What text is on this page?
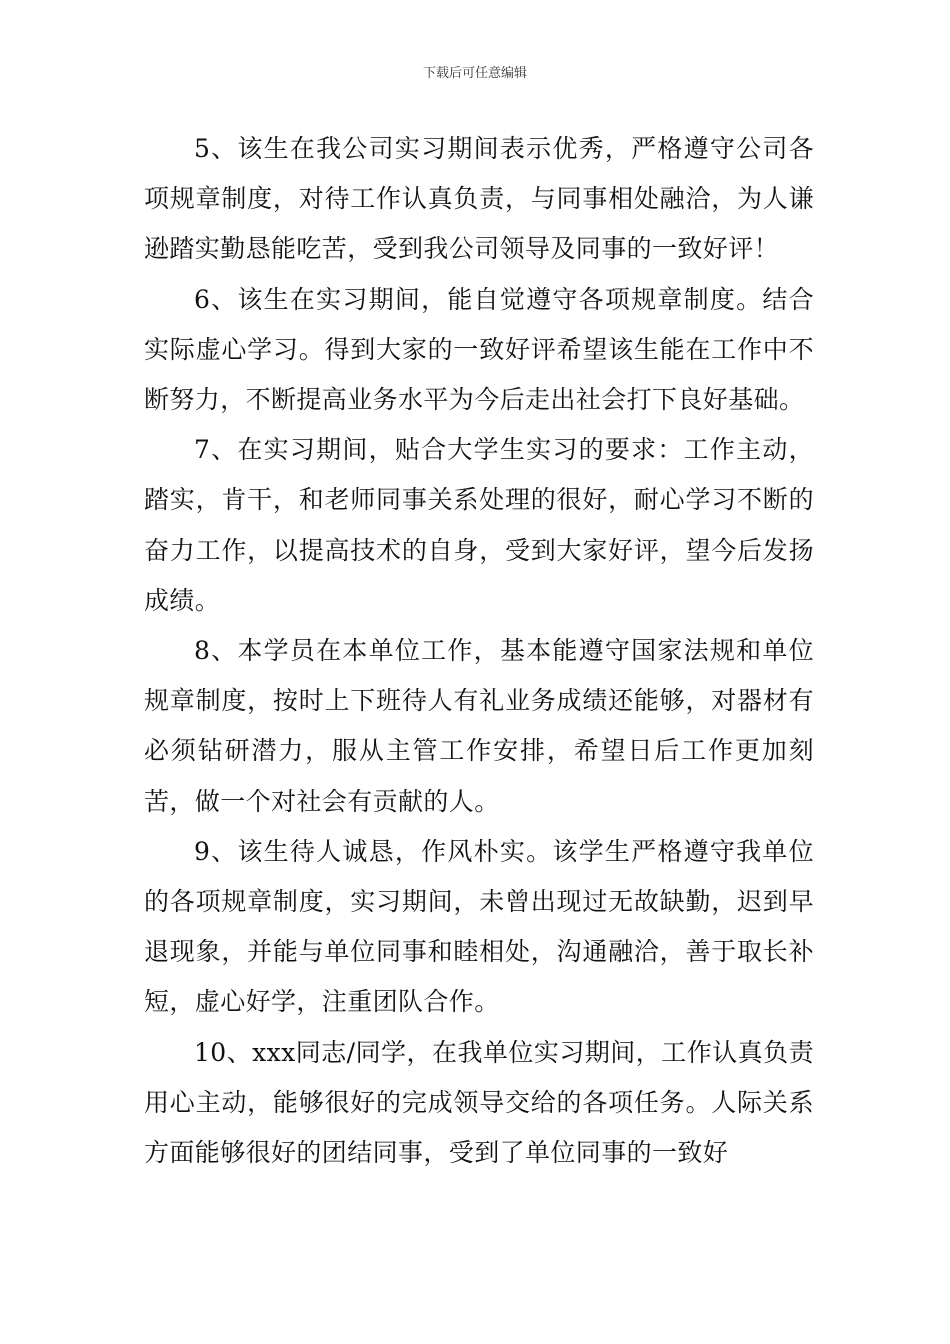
下载后可任意编辑

5、该生在我公司实习期间表示优秀，严格遵守公司各项规章制度，对待工作认真负责，与同事相处融洽，为人谦逊踏实勤恳能吃苦，受到我公司领导及同事的一致好评！

6、该生在实习期间，能自觉遵守各项规章制度。结合实际虚心学习。得到大家的一致好评希望该生能在工作中不断努力，不断提高业务水平为今后走出社会打下良好基础。

7、在实习期间，贴合大学生实习的要求：工作主动，踏实，肯干，和老师同事关系处理的很好，耐心学习不断的奋力工作，以提高技术的自身，受到大家好评，望今后发扬成绩。

8、本学员在本单位工作，基本能遵守国家法规和单位规章制度，按时上下班待人有礼业务成绩还能够，对器材有必须钻研潜力，服从主管工作安排，希望日后工作更加刻苦，做一个对社会有贡献的人。

9、该生待人诚恳，作风朴实。该学生严格遵守我单位的各项规章制度，实习期间，未曾出现过无故缺勤，迟到早退现象，并能与单位同事和睦相处，沟通融洽，善于取长补短，虚心好学，注重团队合作。

10、xxx同志/同学，在我单位实习期间，工作认真负责用心主动，能够很好的完成领导交给的各项任务。人际关系方面能够很好的团结同事，受到了单位同事的一致好
